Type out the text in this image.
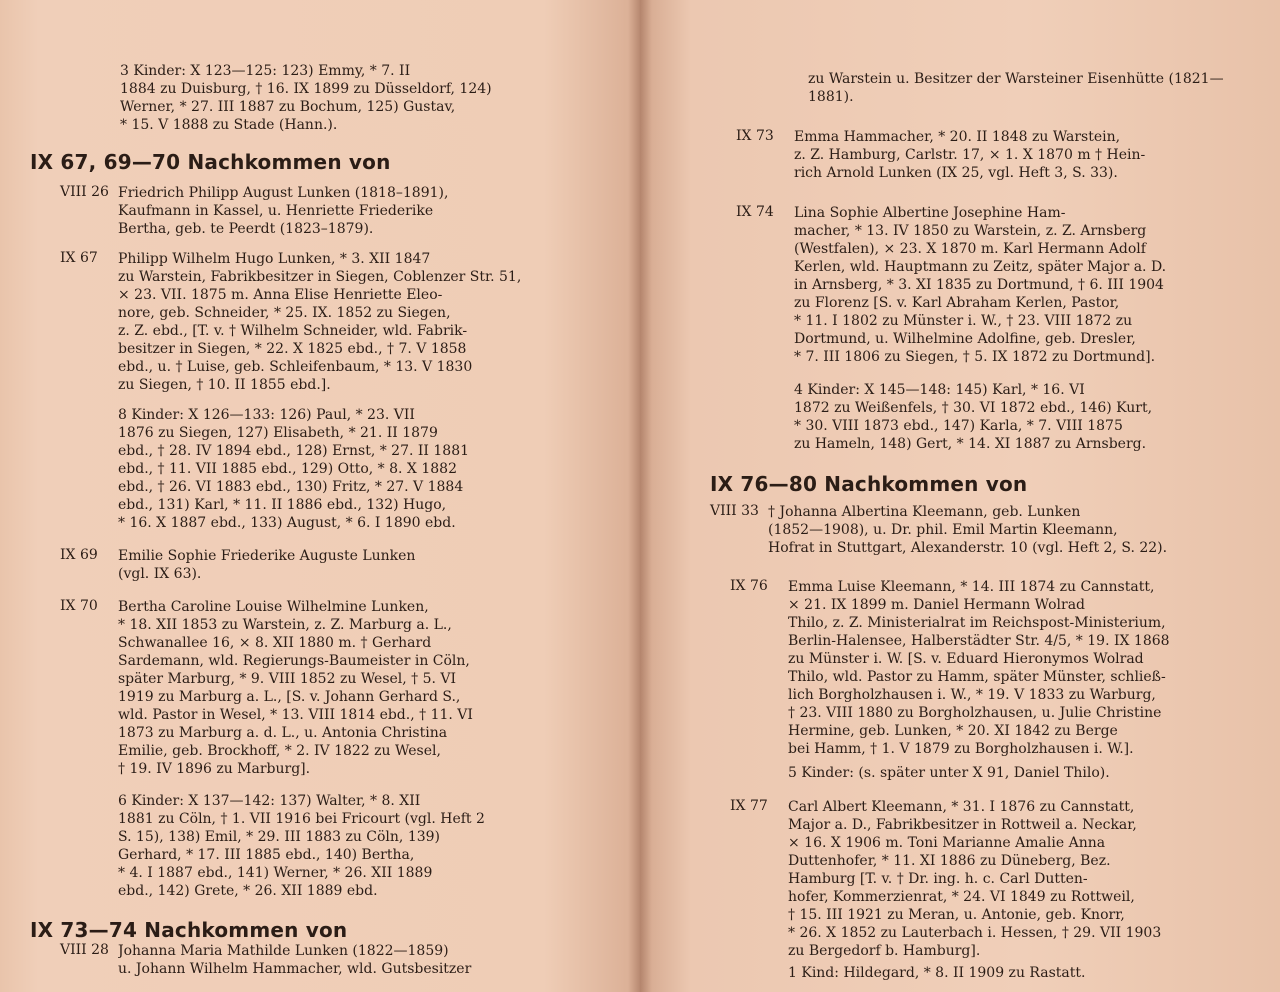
3 Kinder: X 123—125: 123) Emmy, * 7. II
1884 zu Duisburg, † 16. IX 1899 zu Düsseldorf, 124)
Werner, * 27. III 1887 zu Bochum, 125) Gustav,
* 15. V 1888 zu Stade (Hann.).
IX 67, 69—70 Nachkommen von
VIII 26 Friedrich Philipp August Lunken (1818–1891),
Kaufmann in Kassel, u. Henriette Friederike
Bertha, geb. te Peerdt (1823–1879).
IX 67	Philipp Wilhelm Hugo Lunken, * 3. XII 1847
zu Warstein, Fabrikbesitzer in Siegen, Coblenzer Str. 51,
× 23. VII. 1875 m. Anna Elise Henriette Eleo-
nore, geb. Schneider, * 25. IX. 1852 zu Siegen,
z. Z. ebd., [T. v. † Wilhelm Schneider, wld. Fabrik-
besitzer in Siegen, * 22. X 1825 ebd., † 7. V 1858
ebd., u. † Luise, geb. Schleifenbaum, * 13. V 1830
zu Siegen, † 10. II 1855 ebd.].
8 Kinder: X 126—133: 126) Paul, * 23. VII
1876 zu Siegen, 127) Elisabeth, * 21. II 1879
ebd., † 28. IV 1894 ebd., 128) Ernst, * 27. II 1881
ebd., † 11. VII 1885 ebd., 129) Otto, * 8. X 1882
ebd., † 26. VI 1883 ebd., 130) Fritz, * 27. V 1884
ebd., 131) Karl, * 11. II 1886 ebd., 132) Hugo,
* 16. X 1887 ebd., 133) August, * 6. I 1890 ebd.
IX 69	Emilie Sophie Friederike Auguste Lunken
(vgl. IX 63).
IX 70	Bertha Caroline Louise Wilhelmine Lunken,
* 18. XII 1853 zu Warstein, z. Z. Marburg a. L.,
Schwanallee 16, × 8. XII 1880 m. † Gerhard
Sardemann, wld. Regierungs-Baumeister in Cöln,
später Marburg, * 9. VIII 1852 zu Wesel, † 5. VI
1919 zu Marburg a. L., [S. v. Johann Gerhard S.,
wld. Pastor in Wesel, * 13. VIII 1814 ebd., † 11. VI
1873 zu Marburg a. d. L., u. Antonia Christina
Emilie, geb. Brockhoff, * 2. IV 1822 zu Wesel,
† 19. IV 1896 zu Marburg].
6 Kinder: X 137—142: 137) Walter, * 8. XII
1881 zu Cöln, † 1. VII 1916 bei Fricourt (vgl. Heft 2
S. 15), 138) Emil, * 29. III 1883 zu Cöln, 139)
Gerhard, * 17. III 1885 ebd., 140) Bertha,
* 4. I 1887 ebd., 141) Werner, * 26. XII 1889
ebd., 142) Grete, * 26. XII 1889 ebd.
IX 73—74 Nachkommen von
VIII 28 Johanna Maria Mathilde Lunken (1822—1859)
u. Johann Wilhelm Hammacher, wld. Gutsbesitzer
zu Warstein u. Besitzer der Warsteiner Eisenhütte (1821—
1881).
IX 73	Emma Hammacher, * 20. II 1848 zu Warstein,
z. Z. Hamburg, Carlstr. 17, × 1. X 1870 m † Hein-
rich Arnold Lunken (IX 25, vgl. Heft 3, S. 33).
IX 74	Lina Sophie Albertine Josephine Ham-
macher, * 13. IV 1850 zu Warstein, z. Z. Arnsberg
(Westfalen), × 23. X 1870 m. Karl Hermann Adolf
Kerlen, wld. Hauptmann zu Zeitz, später Major a. D.
in Arnsberg, * 3. XI 1835 zu Dortmund, † 6. III 1904
zu Florenz [S. v. Karl Abraham Kerlen, Pastor,
* 11. I 1802 zu Münster i. W., † 23. VIII 1872 zu
Dortmund, u. Wilhelmine Adolfine, geb. Dresler,
* 7. III 1806 zu Siegen, † 5. IX 1872 zu Dortmund].
4 Kinder: X 145—148: 145) Karl, * 16. VI
1872 zu Weißenfels, † 30. VI 1872 ebd., 146) Kurt,
* 30. VIII 1873 ebd., 147) Karla, * 7. VIII 1875
zu Hameln, 148) Gert, * 14. XI 1887 zu Arnsberg.
IX 76—80 Nachkommen von
VIII 33 † Johanna Albertina Kleemann, geb. Lunken
(1852—1908), u. Dr. phil. Emil Martin Kleemann,
Hofrat in Stuttgart, Alexanderstr. 10 (vgl. Heft 2, S. 22).
IX 76	Emma Luise Kleemann, * 14. III 1874 zu Cannstatt,
× 21. IX 1899 m. Daniel Hermann Wolrad
Thilo, z. Z. Ministerialrat im Reichspost-Ministerium,
Berlin-Halensee, Halberstädter Str. 4/5, * 19. IX 1868
zu Münster i. W. [S. v. Eduard Hieronymos Wolrad
Thilo, wld. Pastor zu Hamm, später Münster, schließ-
lich Borgholzhausen i. W., * 19. V 1833 zu Warburg,
† 23. VIII 1880 zu Borgholzhausen, u. Julie Christine
Hermine, geb. Lunken, * 20. XI 1842 zu Berge
bei Hamm, † 1. V 1879 zu Borgholzhausen i. W.].
5 Kinder: (s. später unter X 91, Daniel Thilo).
IX 77	Carl Albert Kleemann, * 31. I 1876 zu Cannstatt,
Major a. D., Fabrikbesitzer in Rottweil a. Neckar,
× 16. X 1906 m. Toni Marianne Amalie Anna
Duttenhofer, * 11. XI 1886 zu Düneberg, Bez.
Hamburg [T. v. † Dr. ing. h. c. Carl Dutten-
hofer, Kommerzienrat, * 24. VI 1849 zu Rottweil,
† 15. III 1921 zu Meran, u. Antonie, geb. Knorr,
* 26. X 1852 zu Lauterbach i. Hessen, † 29. VII 1903
zu Bergedorf b. Hamburg].
1 Kind: Hildegard, * 8. II 1909 zu Rastatt.
